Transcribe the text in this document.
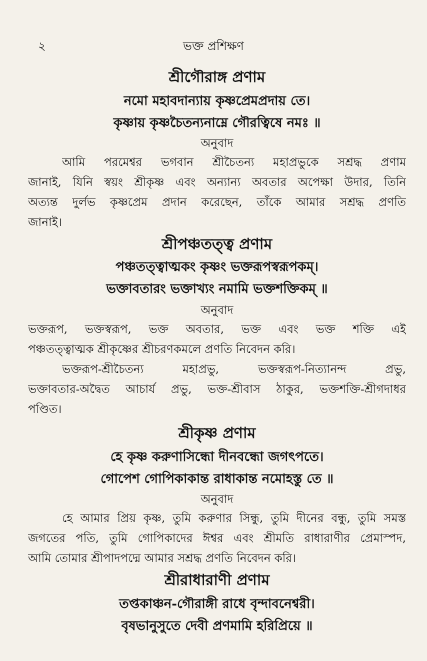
২	ভক্ত প্রশিক্ষণ
শ্রীগৌরাঙ্গ প্রণাম
নমো মহাবদান্যায় কৃষ্ণপ্রেমপ্রদায় তে।
কৃষ্ণায় কৃষ্ণচৈতন্যনাম্নে গৌরত্বিষে নমঃ ॥
অনুবাদ
আমি পরমেশ্বর ভগবান শ্রীচৈতন্য মহাপ্রভুকে সশ্রদ্ধ প্রণাম
জানাই, যিনি স্বয়ং শ্রীকৃষ্ণ এবং অন্যান্য অবতার অপেক্ষা উদার, তিনি
অত্যন্ত দুর্লভ কৃষ্ণপ্রেম প্রদান করেছেন, তাঁকে আমার সশ্রদ্ধ প্রণতি
জানাই।
শ্রীপঞ্চতত্ত্ব প্রণাম
পঞ্চতত্ত্বাত্মকং কৃষ্ণং ভক্তরূপস্বরূপকম্।
ভক্তাবতারং ভক্তাখ্যং নমামি ভক্তশক্তিকম্ ॥
অনুবাদ
ভক্তরূপ, ভক্তস্বরূপ, ভক্ত অবতার, ভক্ত এবং ভক্ত শক্তি এই
পঞ্চতত্ত্বাত্মক শ্রীকৃষ্ণের শ্রীচরণকমলে প্রণতি নিবেদন করি।
ভক্তরূপ-শ্রীচৈতন্য মহাপ্রভু, ভক্তস্বরূপ-নিত্যানন্দ প্রভু,
ভক্তাবতার-অদ্বৈত আচার্য প্রভু, ভক্ত-শ্রীবাস ঠাকুর, ভক্তশক্তি-শ্রীগদাধর
পণ্ডিত।
শ্রীকৃষ্ণ প্রণাম
হে কৃষ্ণ করুণাসিন্ধো দীনবন্ধো জগৎপতে।
গোপেশ গোপিকাকান্ত রাধাকান্ত নমোহস্তু তে ॥
অনুবাদ
হে আমার প্রিয় কৃষ্ণ, তুমি করুণার সিন্ধু, তুমি দীনের বন্ধু, তুমি সমস্ত
জগতের পতি, তুমি গোপিকাদের ঈশ্বর এবং শ্রীমতি রাধারাণীর প্রেমাস্পদ,
আমি তোমার শ্রীপাদপদ্মে আমার সশ্রদ্ধ প্রণতি নিবেদন করি।
শ্রীরাধারাণী প্রণাম
তপ্তকাঞ্চন-গৌরাঙ্গী রাধে বৃন্দাবনেশ্বরী।
বৃষভানুসুতে দেবী প্রণমামি হরিপ্রিয়ে ॥
